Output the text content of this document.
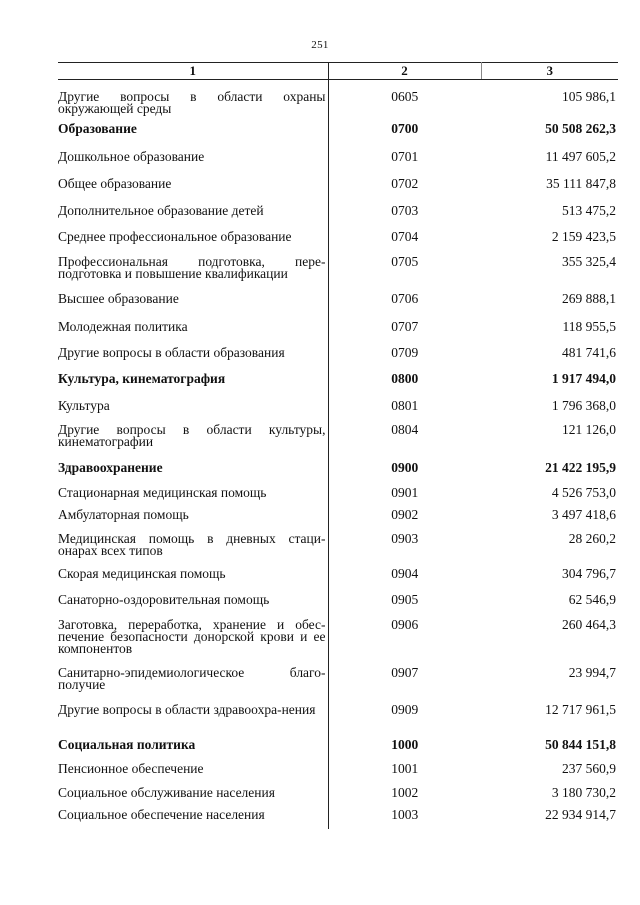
251
1	2	3

Другие вопросы в области охраны окружающей среды	0605	105 986,1
Образование	0700	50 508 262,3
Дошкольное образование	0701	11 497 605,2
Общее образование	0702	35 111 847,8
Дополнительное образование детей	0703	513 475,2
Среднее профессиональное образование	0704	2 159 423,5
Профессиональная подготовка, пере-подготовка и повышение квалификации	0705	355 325,4
Высшее образование	0706	269 888,1
Молодежная политика	0707	118 955,5
Другие вопросы в области образования	0709	481 741,6
Культура, кинематография	0800	1 917 494,0
Культура	0801	1 796 368,0
Другие вопросы в области культуры, кинематографии	0804	121 126,0
Здравоохранение	0900	21 422 195,9
Стационарная медицинская помощь	0901	4 526 753,0
Амбулаторная помощь	0902	3 497 418,6
Медицинская помощь в дневных стаци-онарах всех типов	0903	28 260,2
Скорая медицинская помощь	0904	304 796,7
Санаторно-оздоровительная помощь	0905	62 546,9
Заготовка, переработка, хранение и обес-печение безопасности донорской крови и ее компонентов	0906	260 464,3
Санитарно-эпидемиологическое благо-получие	0907	23 994,7
Другие вопросы в области здравоохра-нения	0909	12 717 961,5
Социальная политика	1000	50 844 151,8
Пенсионное обеспечение	1001	237 560,9
Социальное обслуживание населения	1002	3 180 730,2
Социальное обеспечение населения	1003	22 934 914,7
